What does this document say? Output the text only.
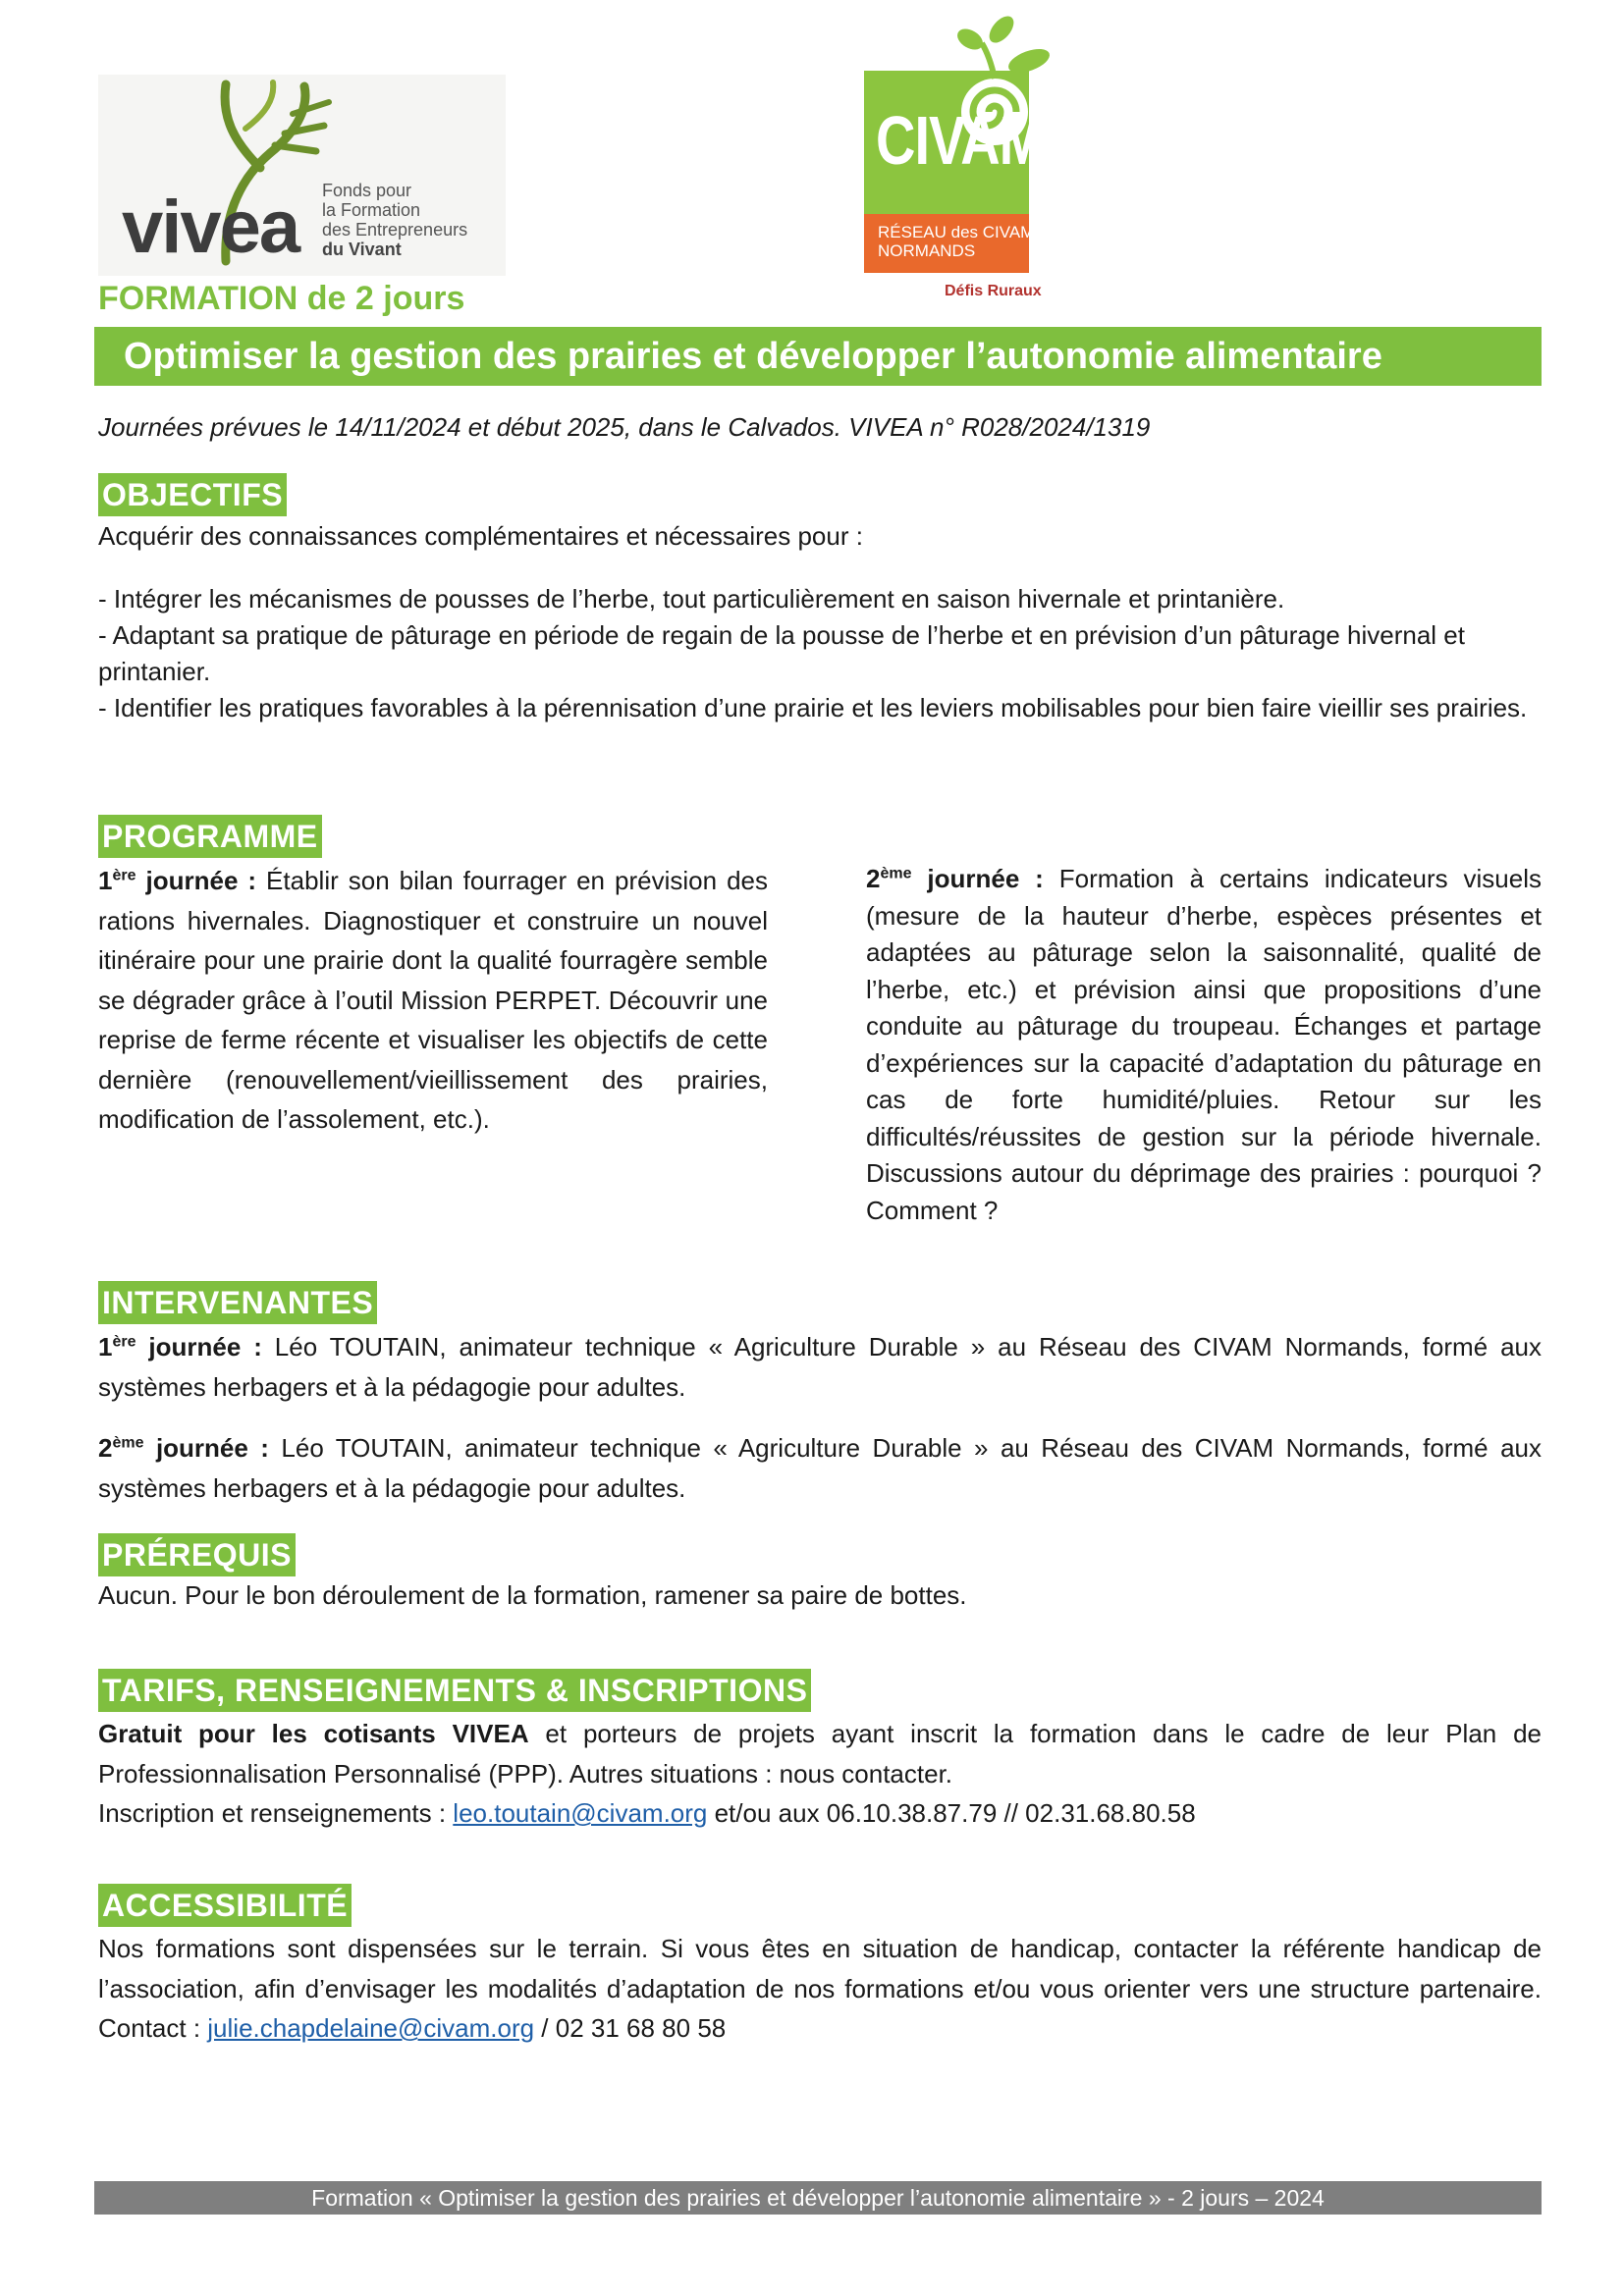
vivea Fonds pour
la Formation
des Entrepreneurs
du Vivant
RÉSEAU des CIVAM
NORMANDS
CIVAM
Défis Ruraux
FORMATION de 2 jours
Optimiser la gestion des prairies et développer l’autonomie alimentaire
Journées prévues le 14/11/2024 et début 2025, dans le Calvados. VIVEA n° R028/2024/1319
OBJECTIFS
Acquérir des connaissances complémentaires et nécessaires pour :
- Intégrer les mécanismes de pousses de l’herbe, tout particulièrement en saison hivernale et printanière.
- Adaptant sa pratique de pâturage en période de regain de la pousse de l’herbe et en prévision d’un pâturage hivernal et printanier.
- Identifier les pratiques favorables à la pérennisation d’une prairie et les leviers mobilisables pour bien faire vieillir ses prairies.
PROGRAMME
1ère journée : Établir son bilan fourrager en prévision des rations hivernales. Diagnostiquer et construire un nouvel itinéraire pour une prairie dont la qualité fourragère semble se dégrader grâce à l’outil Mission PERPET. Découvrir une reprise de ferme récente et visualiser les objectifs de cette dernière (renouvellement/vieillissement des prairies, modification de l’assolement, etc.).
2ème journée : Formation à certains indicateurs visuels (mesure de la hauteur d’herbe, espèces présentes et adaptées au pâturage selon la saisonnalité, qualité de l’herbe, etc.) et prévision ainsi que propositions d’une conduite au pâturage du troupeau. Échanges et partage d’expériences sur la capacité d’adaptation du pâturage en cas de forte humidité/pluies. Retour sur les difficultés/réussites de gestion sur la période hivernale. Discussions autour du déprimage des prairies : pourquoi ? Comment ?
INTERVENANTES
1ère journée : Léo TOUTAIN, animateur technique « Agriculture Durable » au Réseau des CIVAM Normands, formé aux systèmes herbagers et à la pédagogie pour adultes.
2ème journée : Léo TOUTAIN, animateur technique « Agriculture Durable » au Réseau des CIVAM Normands, formé aux systèmes herbagers et à la pédagogie pour adultes.
PRÉREQUIS
Aucun. Pour le bon déroulement de la formation, ramener sa paire de bottes.
TARIFS, RENSEIGNEMENTS & INSCRIPTIONS
Gratuit pour les cotisants VIVEA et porteurs de projets ayant inscrit la formation dans le cadre de leur Plan de Professionnalisation Personnalisé (PPP). Autres situations : nous contacter.
Inscription et renseignements : leo.toutain@civam.org et/ou aux 06.10.38.87.79 // 02.31.68.80.58
ACCESSIBILITÉ
Nos formations sont dispensées sur le terrain. Si vous êtes en situation de handicap, contacter la référente handicap de l’association, afin d’envisager les modalités d’adaptation de nos formations et/ou vous orienter vers une structure partenaire. Contact : julie.chapdelaine@civam.org / 02 31 68 80 58
Formation « Optimiser la gestion des prairies et développer l’autonomie alimentaire » - 2 jours – 2024
